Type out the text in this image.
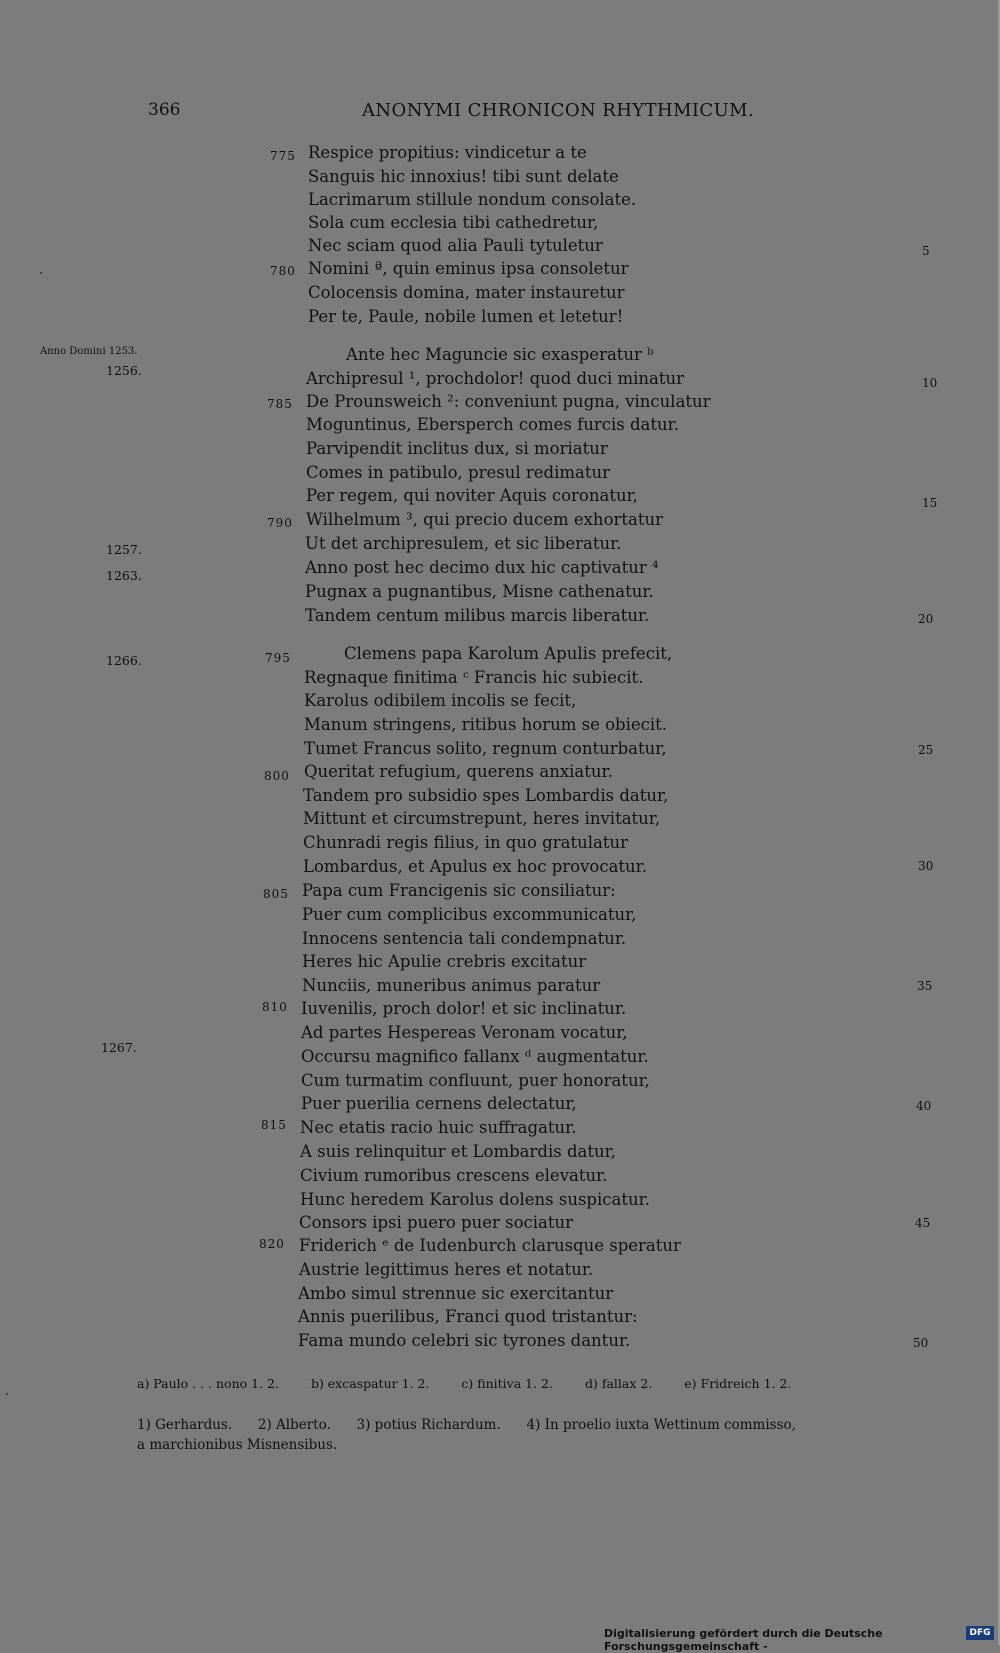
366	ANONYMI CHRONICON RHYTHMICUM.
Anno Domini 1253.
1256.
1257.
1263.
1266.
1267.
775
780
785
790
795
800
805
810
815
820
5
10
15
20
25
30
35
40
45
50
Respice propitius: vindicetur a te
Sanguis hic innoxius! tibi sunt delate
Lacrimarum stillule nondum consolate.
Sola cum ecclesia tibi cathedretur,
Nec sciam quod alia Pauli tytuletur
Nomini ª, quin eminus ipsa consoletur
Colocensis domina, mater instauretur
Per te, Paule, nobile lumen et letetur!
Ante hec Maguncie sic exasperatur ᵇ
Archipresul ¹, prochdolor! quod duci minatur
De Prounsweich ²: conveniunt pugna, vinculatur
Moguntinus, Ebersperch comes furcis datur.
Parvipendit inclitus dux, si moriatur
Comes in patibulo, presul redimatur
Per regem, qui noviter Aquis coronatur,
Wilhelmum ³, qui precio ducem exhortatur
Ut det archipresulem, et sic liberatur.
Anno post hec decimo dux hic captivatur ⁴
Pugnax a pugnantibus, Misne cathenatur.
Tandem centum milibus marcis liberatur.
Clemens papa Karolum Apulis prefecit,
Regnaque finitima ᶜ Francis hic subiecit.
Karolus odibilem incolis se fecit,
Manum stringens, ritibus horum se obiecit.
Tumet Francus solito, regnum conturbatur,
Queritat refugium, querens anxiatur.
Tandem pro subsidio spes Lombardis datur,
Mittunt et circumstrepunt, heres invitatur,
Chunradi regis filius, in quo gratulatur
Lombardus, et Apulus ex hoc provocatur.
Papa cum Francigenis sic consiliatur:
Puer cum complicibus excommunicatur,
Innocens sentencia tali condempnatur.
Heres hic Apulie crebris excitatur
Nunciis, muneribus animus paratur
Iuvenilis, proch dolor! et sic inclinatur.
Ad partes Hespereas Veronam vocatur,
Occursu magnifico fallanx ᵈ augmentatur.
Cum turmatim confluunt, puer honoratur,
Puer puerilia cernens delectatur,
Nec etatis racio huic suffragatur.
A suis relinquitur et Lombardis datur,
Civium rumoribus crescens elevatur.
Hunc heredem Karolus dolens suspicatur.
Consors ipsi puero puer sociatur
Friderich ᵉ de Iudenburch clarusque speratur
Austrie legittimus heres et notatur.
Ambo simul strennue sic exercitantur
Annis puerilibus, Franci quod tristantur:
Fama mundo celebri sic tyrones dantur.
a) Paulo . . . nono 1. 2.	b) excaspatur 1. 2.	c) finitiva 1. 2.	d) fallax 2.	e) Fridreich 1. 2.
1) Gerhardus.      2) Alberto.      3) potius Richardum.      4) In proelio iuxta Wettinum commisso,
a marchionibus Misnensibus.
Digitalisierung gefördert durch die Deutsche Forschungsgemeinschaft -
DFG
